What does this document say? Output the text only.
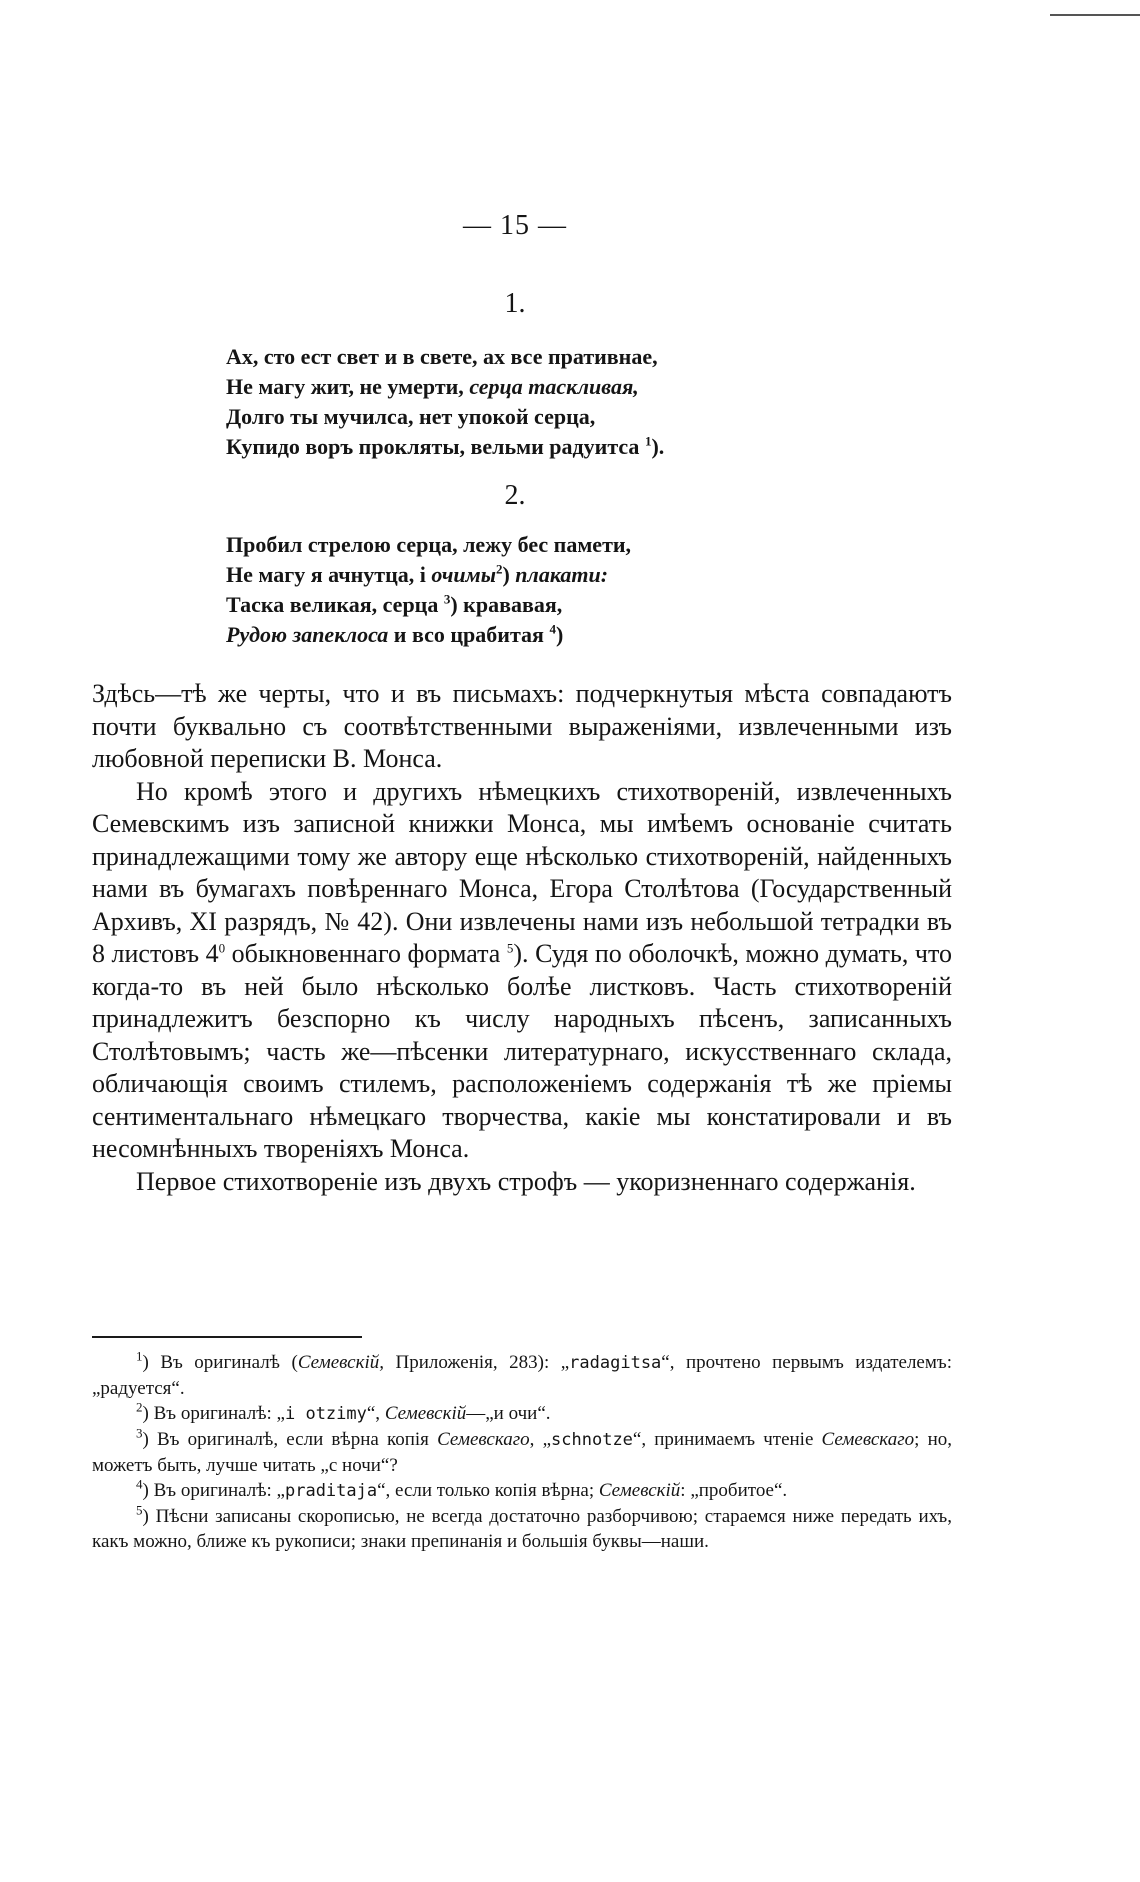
— 15 —
1.
Ах, сто ест свет и в свете, ах все пративнае,
Не магу жит, не умерти, серца таскливая,
Долго ты мучилса, нет упокой серца,
Купидо воръ прокляты, вельми радуитса $^1$).
2.
Пробил стрелою серца, лежу бес памети,
Не магу я ачнутца, і очимы$^2$) плакати:
Таска великая, серца $^3$) крававая,
Рудою запеклоса и всо црабитая $^4$)

Здѣсь—тѣ же черты, что и въ письмахъ: подчеркнутыя мѣста совпадаютъ почти буквально съ соотвѣтственными выраженіями, извлеченными изъ любовной переписки В. Монса.

Но кромѣ этого и другихъ нѣмецкихъ стихотвореній, извлеченныхъ Семевскимъ изъ записной книжки Монса, мы имѣемъ основаніе считать принадлежащими тому же автору еще нѣсколько стихотвореній, найденныхъ нами въ бумагахъ повѣреннаго Монса, Егора Столѣтова (Государственный Архивъ, XI разрядъ, № 42). Они извлечены нами изъ небольшой тетрадки въ 8 листовъ $4^0$ обыкновеннаго формата $^5$). Судя по оболочкѣ, можно думать, что когда-то въ ней было нѣсколько болѣе листковъ. Часть стихотвореній принадлежитъ безспорно къ числу народныхъ пѣсенъ, записанныхъ Столѣтовымъ; часть же—пѣсенки литературнаго, искусственнаго склада, обличающія своимъ стилемъ, расположеніемъ содержанія тѣ же пріемы сентиментальнаго нѣмецкаго творчества, какіе мы констатировали и въ несомнѣнныхъ твореніяхъ Монса.

Первое стихотвореніе изъ двухъ строфъ — укоризненнаго содержанія.

$^1$) Въ оригиналѣ (Семевскій, Приложенія, 283): „radagitsa“, прочтено первымъ издателемъ: „радуется“.

$^2$) Въ оригиналѣ: „i otzimy“, Семевскій—„и очи“.

$^3$) Въ оригиналѣ, если вѣрна копія Семевскаго, „schnotze“, принимаемъ чтеніе Семевскаго; но, можетъ быть, лучше читать „с ночи“?

$^4$) Въ оригиналѣ: „praditaja“, если только копія вѣрна; Семевскій: „пробитое“.

$^5$) Пѣсни записаны скорописью, не всегда достаточно разборчивою; стараемся ниже передать ихъ, какъ можно, ближе къ рукописи; знаки препинанія и большія буквы—наши.
